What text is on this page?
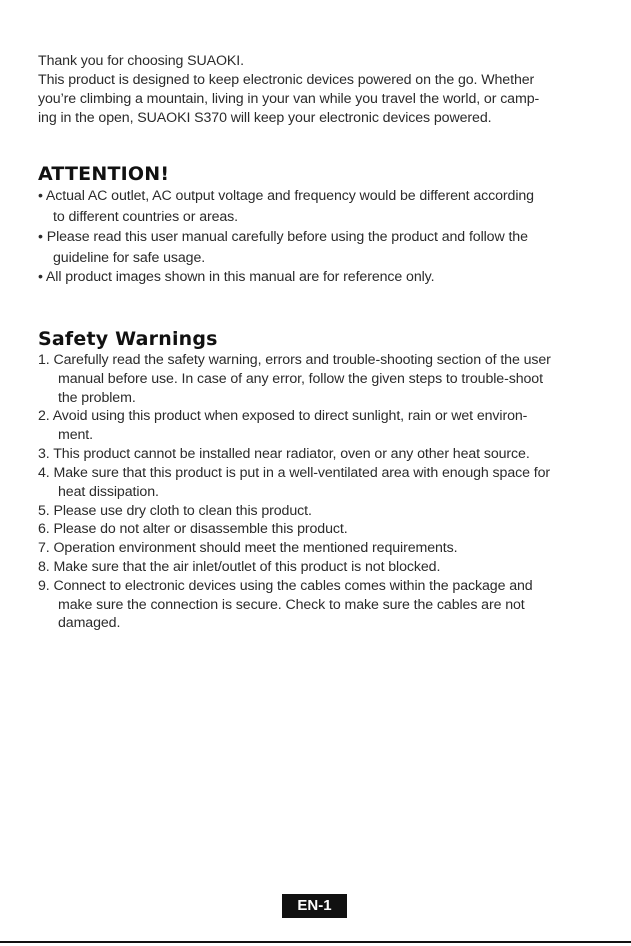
Thank you for choosing SUAOKI.
This product is designed to keep electronic devices powered on the go. Whether
you’re climbing a mountain, living in your van while you travel the world, or camp-
ing in the open, SUAOKI S370 will keep your electronic devices powered.
ATTENTION!
• Actual AC outlet, AC output voltage and frequency would be different according
to different countries or areas.
• Please read this user manual carefully before using the product and follow the
guideline for safe usage.
• All product images shown in this manual are for reference only.
Safety Warnings
1. Carefully read the safety warning, errors and trouble-shooting section of the user
manual before use. In case of any error, follow the given steps to trouble-shoot
the problem.
2. Avoid using this product when exposed to direct sunlight, rain or wet environ-
ment.
3. This product cannot be installed near radiator, oven or any other heat source.
4. Make sure that this product is put in a well-ventilated area with enough space for
heat dissipation.
5. Please use dry cloth to clean this product.
6. Please do not alter or disassemble this product.
7. Operation environment should meet the mentioned requirements.
8. Make sure that the air inlet/outlet of this product is not blocked.
9. Connect to electronic devices using the cables comes within the package and
make sure the connection is secure. Check to make sure the cables are not
damaged.
EN-1
